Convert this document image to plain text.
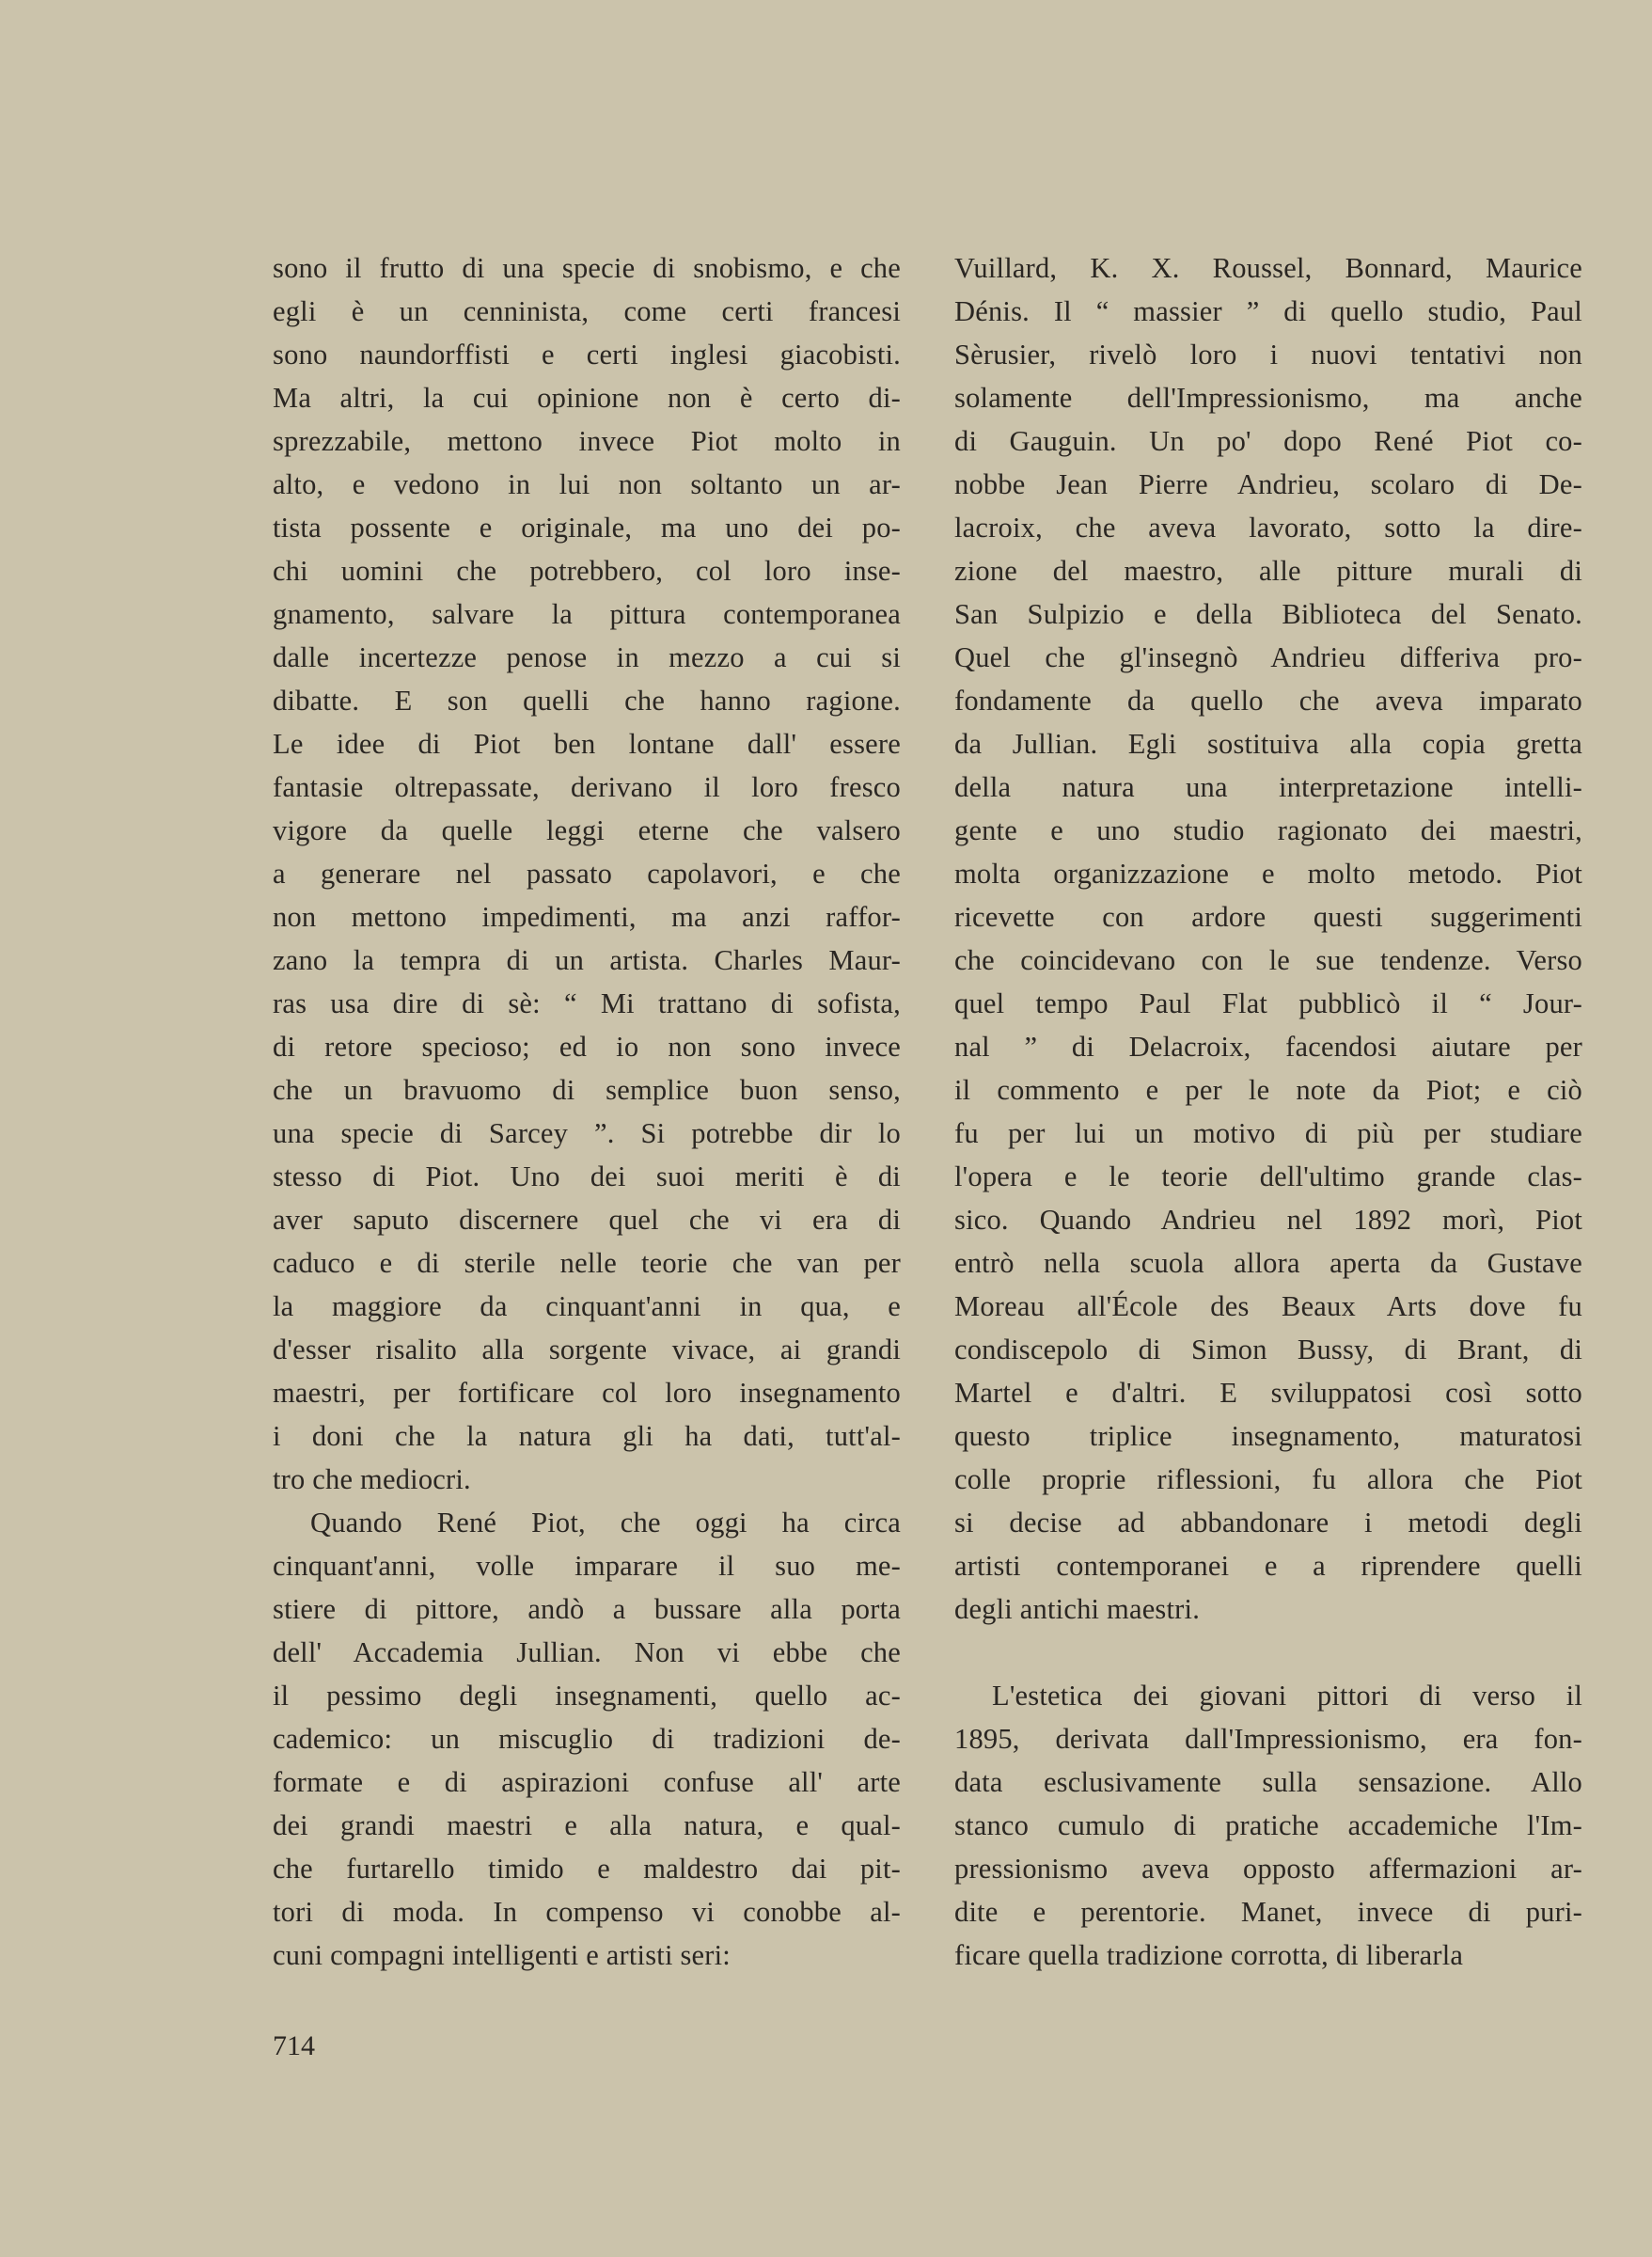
sono il frutto di una specie di snobismo, e che
egli è un cenninista, come certi francesi
sono naundorffisti e certi inglesi giacobisti.
Ma altri, la cui opinione non è certo di-
sprezzabile, mettono invece Piot molto in
alto, e vedono in lui non soltanto un ar-
tista possente e originale, ma uno dei po-
chi uomini che potrebbero, col loro inse-
gnamento, salvare la pittura contemporanea
dalle incertezze penose in mezzo a cui si
dibatte. E son quelli che hanno ragione.
Le idee di Piot ben lontane dall' essere
fantasie oltrepassate, derivano il loro fresco
vigore da quelle leggi eterne che valsero
a generare nel passato capolavori, e che
non mettono impedimenti, ma anzi raffor-
zano la tempra di un artista. Charles Maur-
ras usa dire di sè: “ Mi trattano di sofista,
di retore specioso; ed io non sono invece
che un bravuomo di semplice buon senso,
una specie di Sarcey ”. Si potrebbe dir lo
stesso di Piot. Uno dei suoi meriti è di
aver saputo discernere quel che vi era di
caduco e di sterile nelle teorie che van per
la maggiore da cinquant'anni in qua, e
d'esser risalito alla sorgente vivace, ai grandi
maestri, per fortificare col loro insegnamento
i doni che la natura gli ha dati, tutt'al-
tro che mediocri.
Quando René Piot, che oggi ha circa
cinquant'anni, volle imparare il suo me-
stiere di pittore, andò a bussare alla porta
dell' Accademia Jullian. Non vi ebbe che
il pessimo degli insegnamenti, quello ac-
cademico: un miscuglio di tradizioni de-
formate e di aspirazioni confuse all' arte
dei grandi maestri e alla natura, e qual-
che furtarello timido e maldestro dai pit-
tori di moda. In compenso vi conobbe al-
cuni compagni intelligenti e artisti seri:
Vuillard, K. X. Roussel, Bonnard, Maurice
Dénis. Il “ massier ” di quello studio, Paul
Sèrusier, rivelò loro i nuovi tentativi non
solamente dell'Impressionismo, ma anche
di Gauguin. Un po' dopo René Piot co-
nobbe Jean Pierre Andrieu, scolaro di De-
lacroix, che aveva lavorato, sotto la dire-
zione del maestro, alle pitture murali di
San Sulpizio e della Biblioteca del Senato.
Quel che gl'insegnò Andrieu differiva pro-
fondamente da quello che aveva imparato
da Jullian. Egli sostituiva alla copia gretta
della natura una interpretazione intelli-
gente e uno studio ragionato dei maestri,
molta organizzazione e molto metodo. Piot
ricevette con ardore questi suggerimenti
che coincidevano con le sue tendenze. Verso
quel tempo Paul Flat pubblicò il “ Jour-
nal ” di Delacroix, facendosi aiutare per
il commento e per le note da Piot; e ciò
fu per lui un motivo di più per studiare
l'opera e le teorie dell'ultimo grande clas-
sico. Quando Andrieu nel 1892 morì, Piot
entrò nella scuola allora aperta da Gustave
Moreau all'École des Beaux Arts dove fu
condiscepolo di Simon Bussy, di Brant, di
Martel e d'altri. E sviluppatosi così sotto
questo triplice insegnamento, maturatosi
colle proprie riflessioni, fu allora che Piot
si decise ad abbandonare i metodi degli
artisti contemporanei e a riprendere quelli
degli antichi maestri.
L'estetica dei giovani pittori di verso il
1895, derivata dall'Impressionismo, era fon-
data esclusivamente sulla sensazione. Allo
stanco cumulo di pratiche accademiche l'Im-
pressionismo aveva opposto affermazioni ar-
dite e perentorie. Manet, invece di puri-
ficare quella tradizione corrotta, di liberarla
714
